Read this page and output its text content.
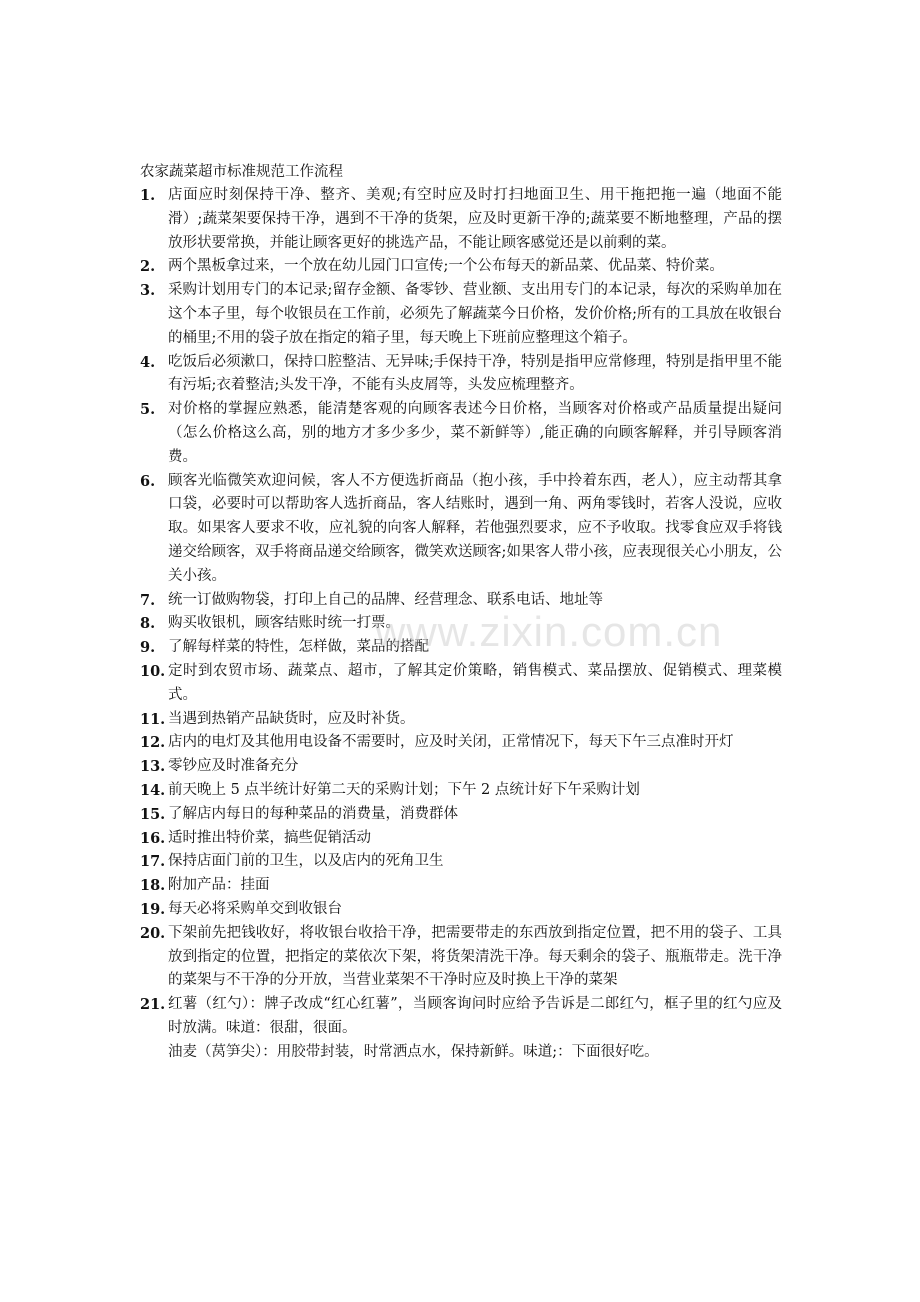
农家蔬菜超市标准规范工作流程
1. 店面应时刻保持干净、整齐、美观;有空时应及时打扫地面卫生、用干拖把拖一遍（地面不能滑）;蔬菜架要保持干净，遇到不干净的货架，应及时更新干净的;蔬菜要不断地整理，产品的摆放形状要常换，并能让顾客更好的挑选产品，不能让顾客感觉还是以前剩的菜。
2. 两个黑板拿过来，一个放在幼儿园门口宣传;一个公布每天的新品菜、优品菜、特价菜。
3. 采购计划用专门的本记录;留存金额、备零钞、营业额、支出用专门的本记录，每次的采购单加在这个本子里，每个收银员在工作前，必须先了解蔬菜今日价格，发价价格;所有的工具放在收银台的桶里;不用的袋子放在指定的箱子里，每天晚上下班前应整理这个箱子。
4. 吃饭后必须漱口，保持口腔整洁、无异味;手保持干净，特别是指甲应常修理，特别是指甲里不能有污垢;衣着整洁;头发干净，不能有头皮屑等，头发应梳理整齐。
5. 对价格的掌握应熟悉，能清楚客观的向顾客表述今日价格，当顾客对价格或产品质量提出疑问（怎么价格这么高，别的地方才多少多少，菜不新鲜等）,能正确的向顾客解释，并引导顾客消费。
6. 顾客光临微笑欢迎问候，客人不方便选折商品（抱小孩，手中拎着东西，老人），应主动帮其拿口袋，必要时可以帮助客人选折商品，客人结账时，遇到一角、两角零钱时，若客人没说，应收取。如果客人要求不收，应礼貌的向客人解释，若他强烈要求，应不予收取。找零食应双手将钱递交给顾客，双手将商品递交给顾客，微笑欢送顾客;如果客人带小孩，应表现很关心小朋友，公关小孩。
7. 统一订做购物袋，打印上自己的品牌、经营理念、联系电话、地址等
8. 购买收银机，顾客结账时统一打票。
9. 了解每样菜的特性，怎样做，菜品的搭配
10. 定时到农贸市场、蔬菜点、超市，了解其定价策略，销售模式、菜品摆放、促销模式、理菜模式。
11. 当遇到热销产品缺货时，应及时补货。
12. 店内的电灯及其他用电设备不需要时，应及时关闭，正常情况下，每天下午三点准时开灯
13. 零钞应及时准备充分
14. 前天晚上 5 点半统计好第二天的采购计划；下午 2 点统计好下午采购计划
15. 了解店内每日的每种菜品的消费量，消费群体
16. 适时推出特价菜，搞些促销活动
17. 保持店面门前的卫生，以及店内的死角卫生
18. 附加产品：挂面
19. 每天必将采购单交到收银台
20. 下架前先把钱收好，将收银台收拾干净，把需要带走的东西放到指定位置，把不用的袋子、工具放到指定的位置，把指定的菜依次下架，将货架清洗干净。每天剩余的袋子、瓶瓶带走。洗干净的菜架与不干净的分开放，当营业菜架不干净时应及时换上干净的菜架
21. 红薯（红勺）：牌子改成“红心红薯”，当顾客询问时应给予告诉是二郎红勺，框子里的红勺应及时放满。味道：很甜，很面。
油麦（莴笋尖）：用胶带封装，时常洒点水，保持新鲜。味道;：下面很好吃。
www.zixin.com.cn
